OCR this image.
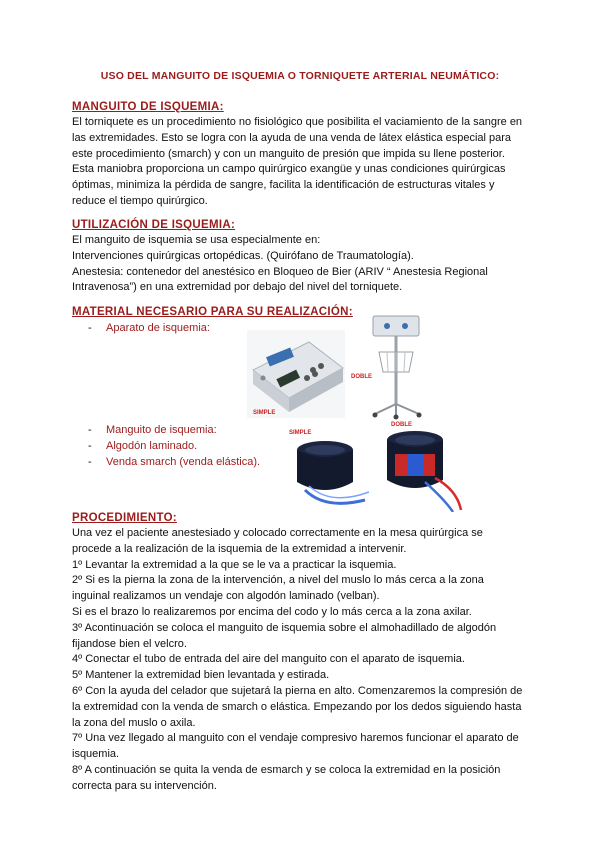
USO DEL MANGUITO DE ISQUEMIA O TORNIQUETE ARTERIAL NEUMÁTICO:
MANGUITO DE ISQUEMIA:

El torniquete es un procedimiento no fisiológico que posibilita el vaciamiento de la sangre en

las extremidades. Esto se logra con la ayuda de una venda de látex elástica especial para

este procedimiento (smarch) y con un manguito de presión que impida su llene posterior.

Esta maniobra proporciona un campo quirúrgico exangüe y unas condiciones quirúrgicas

óptimas, minimiza la pérdida de sangre, facilita la identificación de estructuras vitales y

reduce el tiempo quirúrgico.

UTILIZACIÓN DE ISQUEMIA:

El manguito de isquemia se usa especialmente en:

Intervenciones quirúrgicas ortopédicas. (Quirófano de Traumatología).

Anestesia: contenedor del anestésico en Bloqueo de Bier (ARIV “ Anestesia Regional

Intravenosa”) en una extremidad por debajo del nivel del torniquete.

MATERIAL NECESARIO PARA SU REALIZACIÓN:
- Aparato de isquemia:
SIMPLE
DOBLE
- Manguito de isquemia:
- Algodón laminado.
- Venda smarch (venda elástica).
SIMPLE
DOBLE
PROCEDIMIENTO:

Una vez el paciente anestesiado y colocado correctamente en la mesa quirúrgica se

procede a la realización de la isquemia de la extremidad a intervenir.

1º Levantar la extremidad a la que se le va a practicar la isquemia.

2º Si es la pierna la zona de la intervención, a nivel del muslo lo más cerca a la zona

inguinal realizamos un vendaje con algodón laminado (velban).

Si es el brazo lo realizaremos por encima del codo y lo más cerca a la zona axilar.

3º Acontinuación se coloca el manguito de isquemia sobre el almohadillado de algodón

fijandose bien el velcro.

4º Conectar el tubo de entrada del aire del manguito con el aparato de isquemia.

5º Mantener la extremidad bien levantada y estirada.

6º Con la ayuda del celador que sujetará la pierna en alto. Comenzaremos la compresión de

la extremidad con la venda de smarch o elástica. Empezando por los dedos siguiendo hasta

la zona del muslo o axila.

7º Una vez llegado al manguito con el vendaje compresivo haremos funcionar el aparato de

isquemia.

8º A continuación se quita la venda de esmarch y se coloca la extremidad en la posición

correcta para su intervención.
